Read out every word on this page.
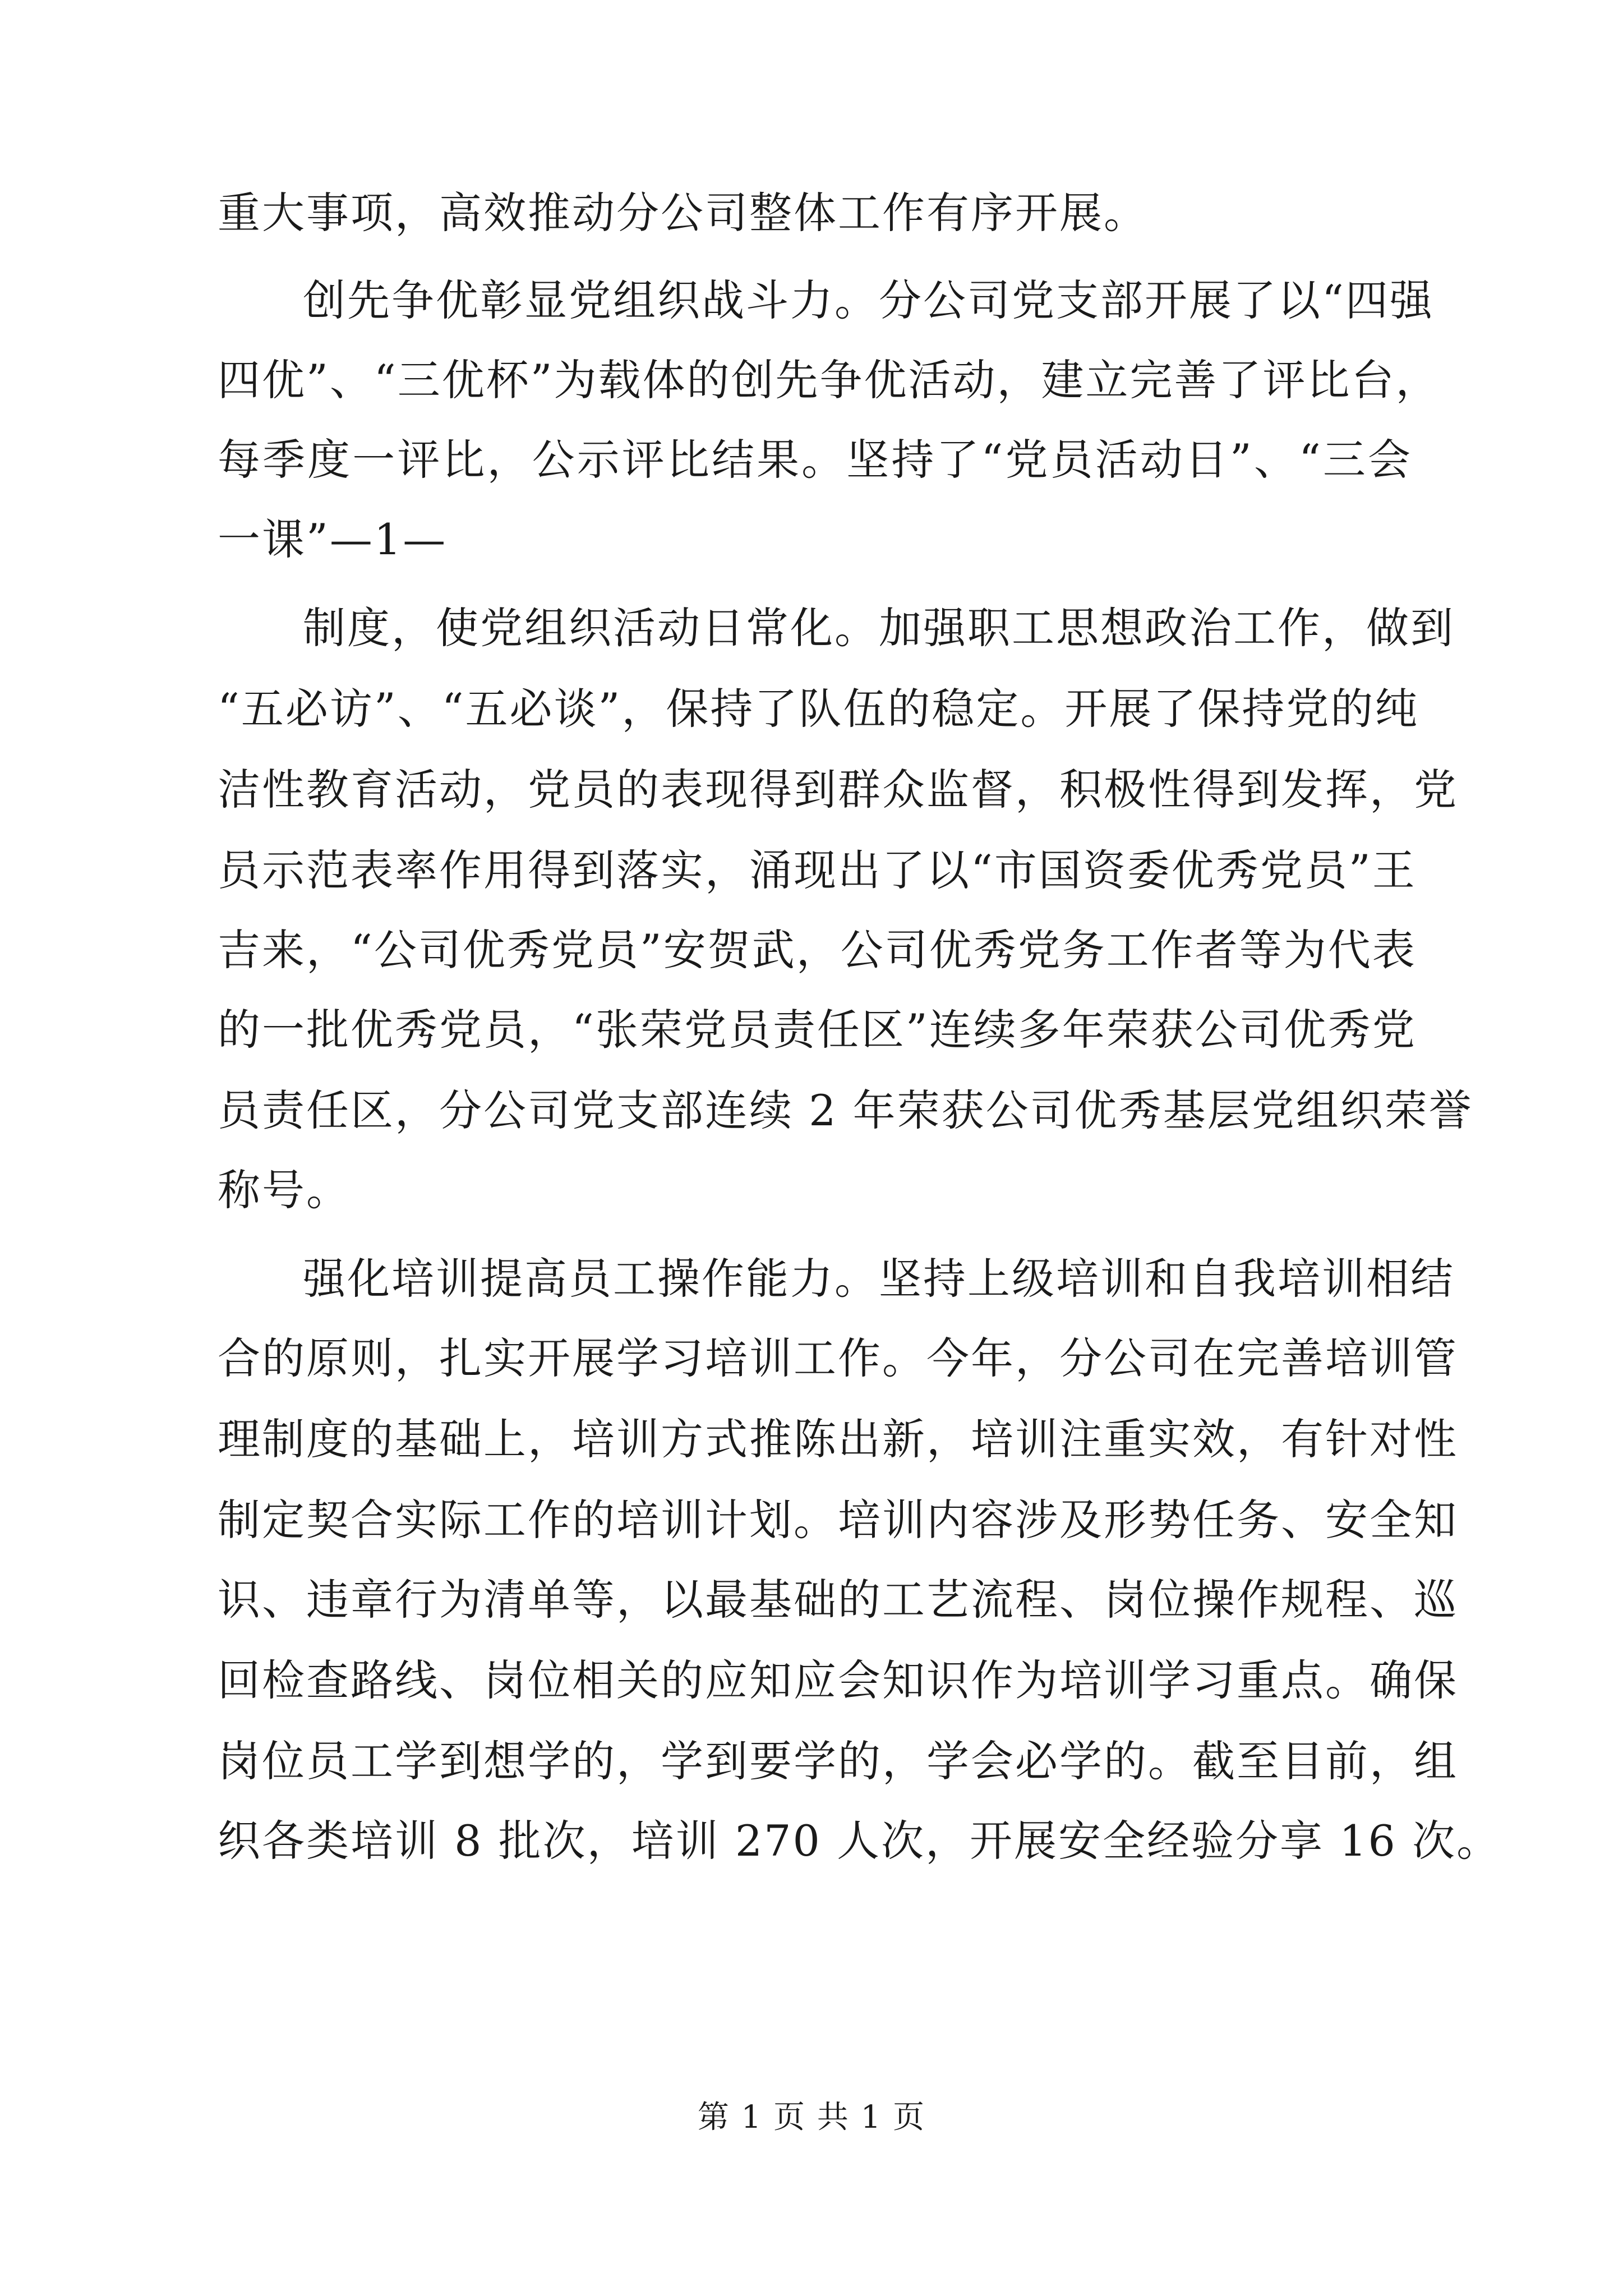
重大事项，高效推动分公司整体工作有序开展。
创先争优彰显党组织战斗力。分公司党支部开展了以“四强
四优”、“三优杯”为载体的创先争优活动，建立完善了评比台，
每季度一评比，公示评比结果。坚持了“党员活动日”、“三会
一课”—1—
制度，使党组织活动日常化。加强职工思想政治工作，做到
“五必访”、“五必谈”，保持了队伍的稳定。开展了保持党的纯
洁性教育活动，党员的表现得到群众监督，积极性得到发挥，党
员示范表率作用得到落实，涌现出了以“市国资委优秀党员”王
吉来，“公司优秀党员”安贺武，公司优秀党务工作者等为代表
的一批优秀党员，“张荣党员责任区”连续多年荣获公司优秀党
员责任区，分公司党支部连续 2 年荣获公司优秀基层党组织荣誉
称号。
强化培训提高员工操作能力。坚持上级培训和自我培训相结
合的原则，扎实开展学习培训工作。今年，分公司在完善培训管
理制度的基础上，培训方式推陈出新，培训注重实效，有针对性
制定契合实际工作的培训计划。培训内容涉及形势任务、安全知
识、违章行为清单等，以最基础的工艺流程、岗位操作规程、巡
回检查路线、岗位相关的应知应会知识作为培训学习重点。确保
岗位员工学到想学的，学到要学的，学会必学的。截至目前，组
织各类培训 8 批次，培训 270 人次，开展安全经验分享 16 次。
第 1 页 共 1 页
